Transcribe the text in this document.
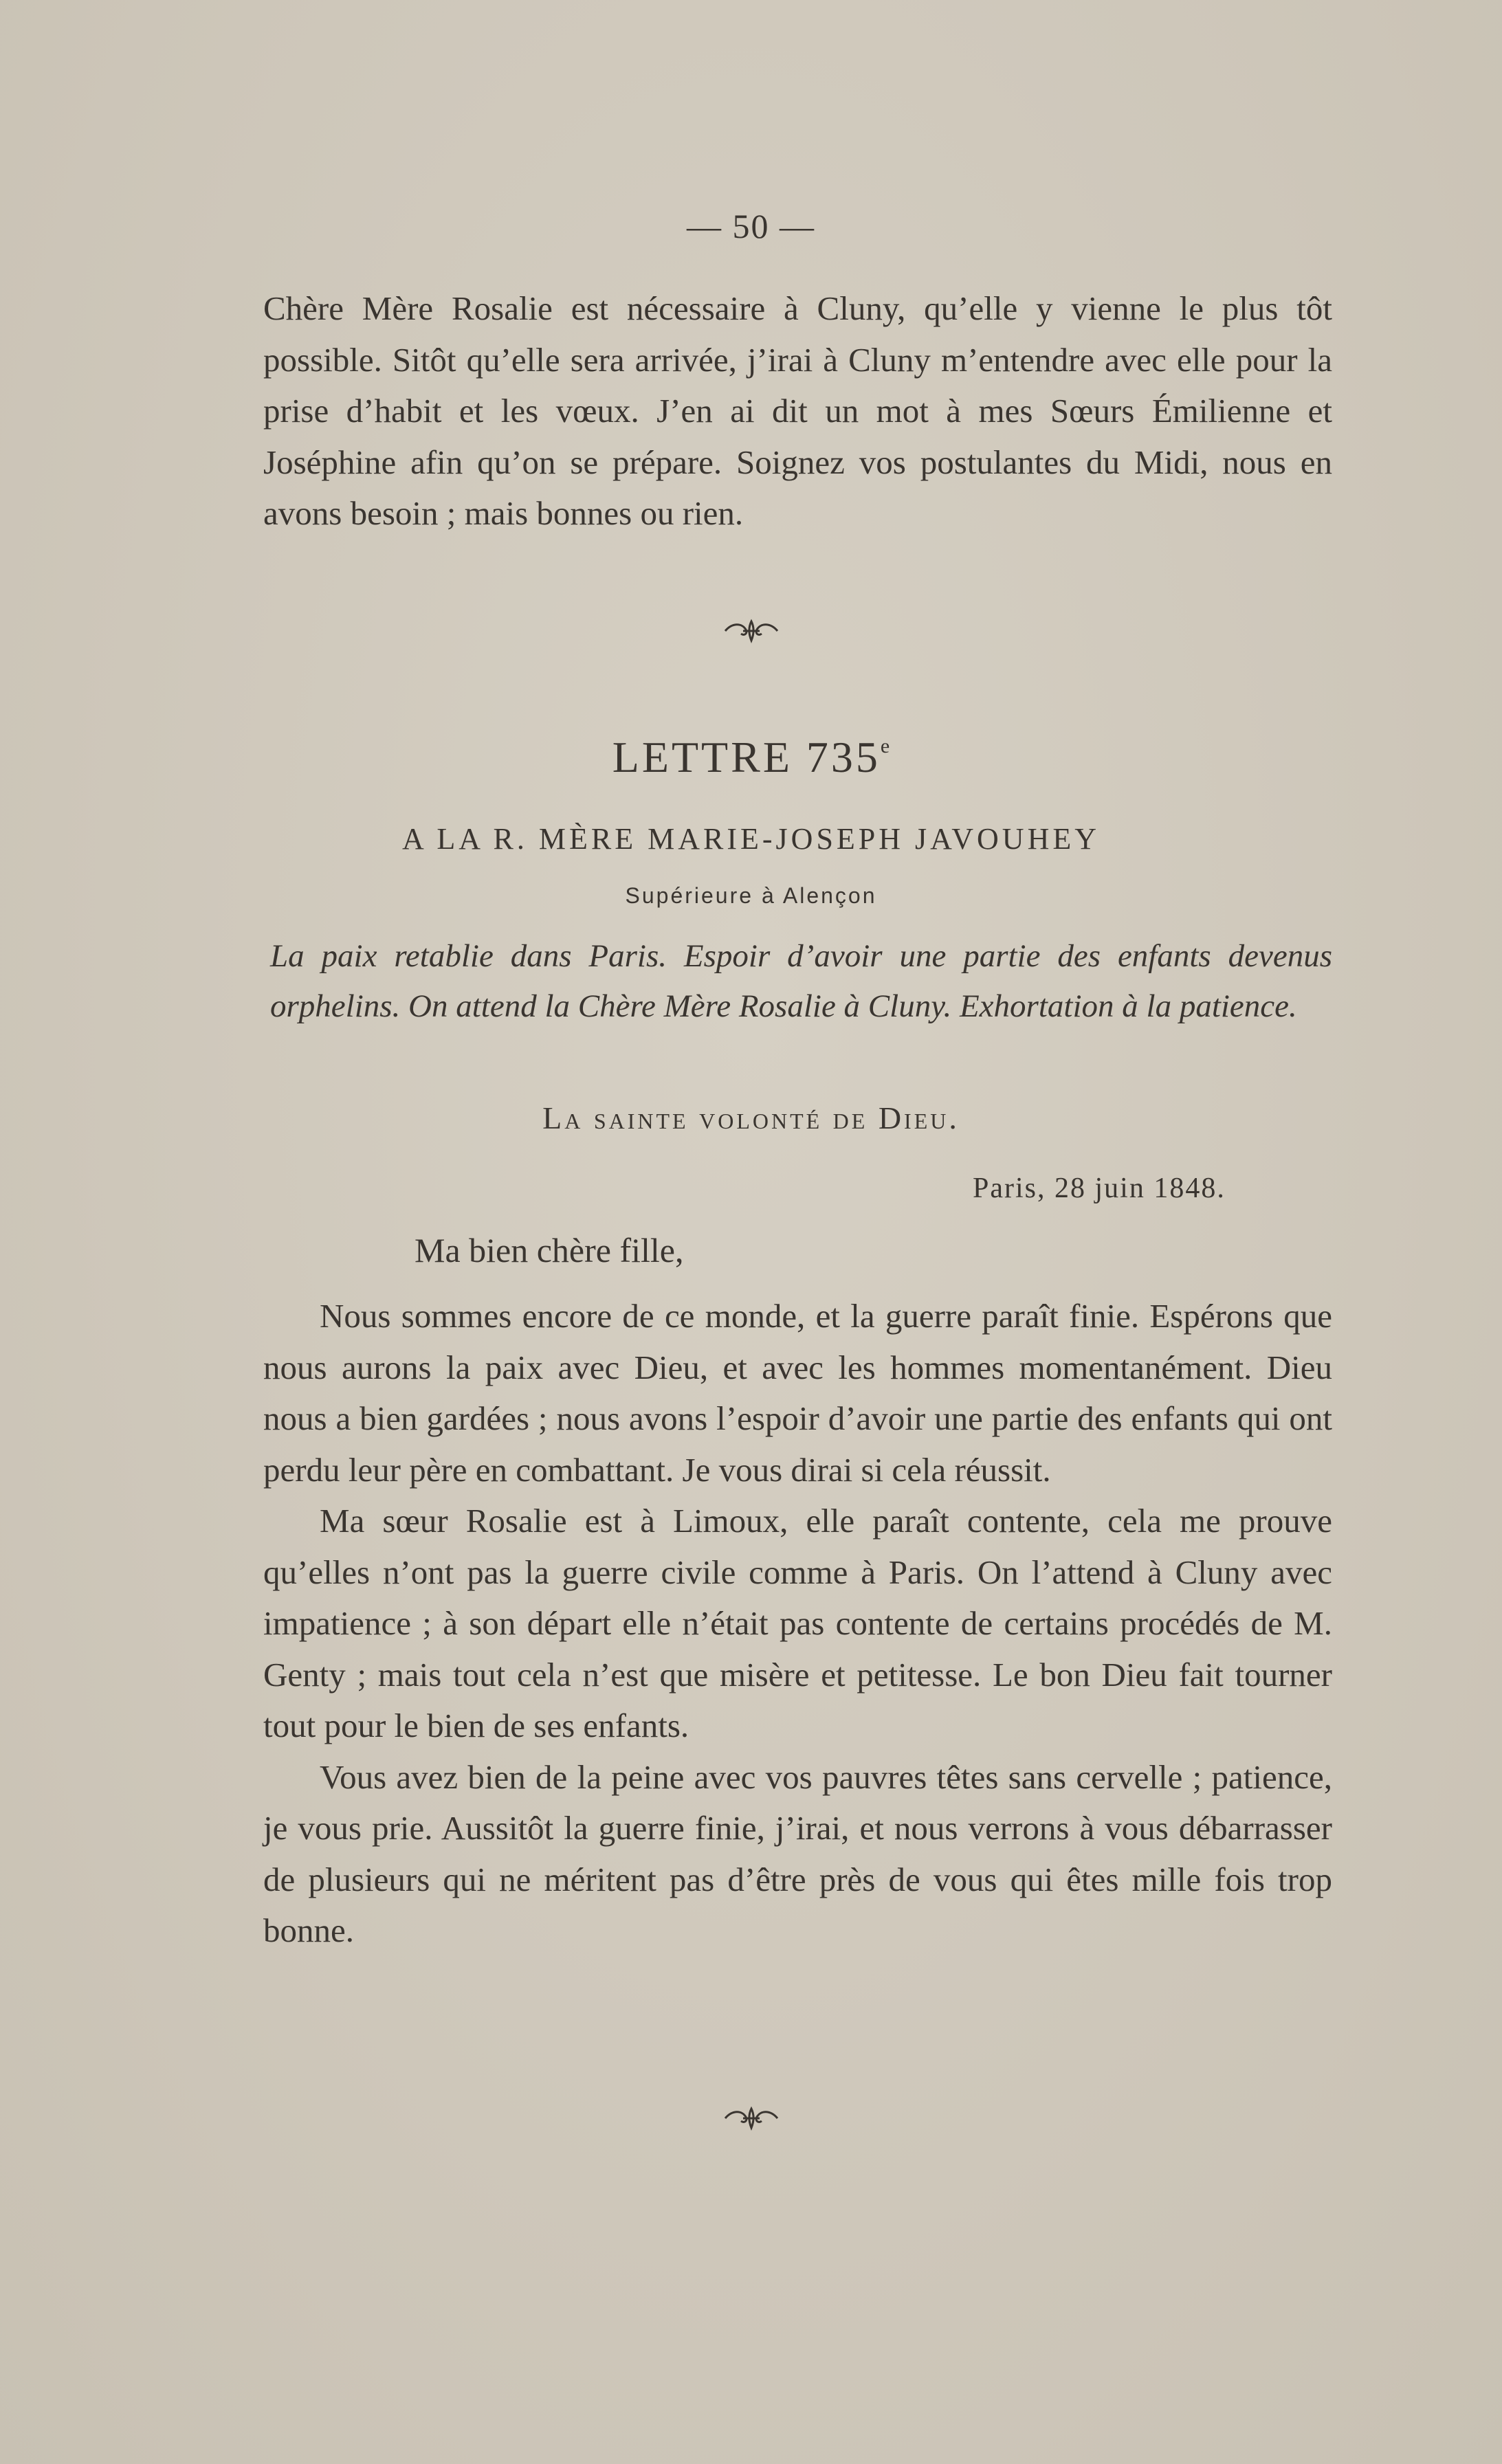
— 50 —

Chère Mère Rosalie est nécessaire à Cluny, qu’elle y vienne le plus tôt possible. Sitôt qu’elle sera arrivée, j’irai à Cluny m’entendre avec elle pour la prise d’habit et les vœux. J’en ai dit un mot à mes Sœurs Émilienne et Joséphine afin qu’on se prépare. Soignez vos postulantes du Midi, nous en avons besoin ; mais bonnes ou rien.

LETTRE 735e
A LA R. MÈRE MARIE-JOSEPH JAVOUHEY
Supérieure à Alençon

La paix retablie dans Paris. Espoir d’avoir une partie des enfants devenus orphelins. On attend la Chère Mère Rosalie à Cluny. Exhortation à la patience.

La sainte volonté de Dieu.
Paris, 28 juin 1848.
Ma bien chère fille,

Nous sommes encore de ce monde, et la guerre paraît finie. Espérons que nous aurons la paix avec Dieu, et avec les hommes momentanément. Dieu nous a bien gardées ; nous avons l’espoir d’avoir une partie des enfants qui ont perdu leur père en combattant. Je vous dirai si cela réussit.

Ma sœur Rosalie est à Limoux, elle paraît contente, cela me prouve qu’elles n’ont pas la guerre civile comme à Paris. On l’attend à Cluny avec impatience ; à son départ elle n’était pas contente de certains procédés de M. Genty ; mais tout cela n’est que misère et petitesse. Le bon Dieu fait tourner tout pour le bien de ses enfants.

Vous avez bien de la peine avec vos pauvres têtes sans cervelle ; patience, je vous prie. Aussitôt la guerre finie, j’irai, et nous verrons à vous débarrasser de plusieurs qui ne méritent pas d’être près de vous qui êtes mille fois trop bonne.
